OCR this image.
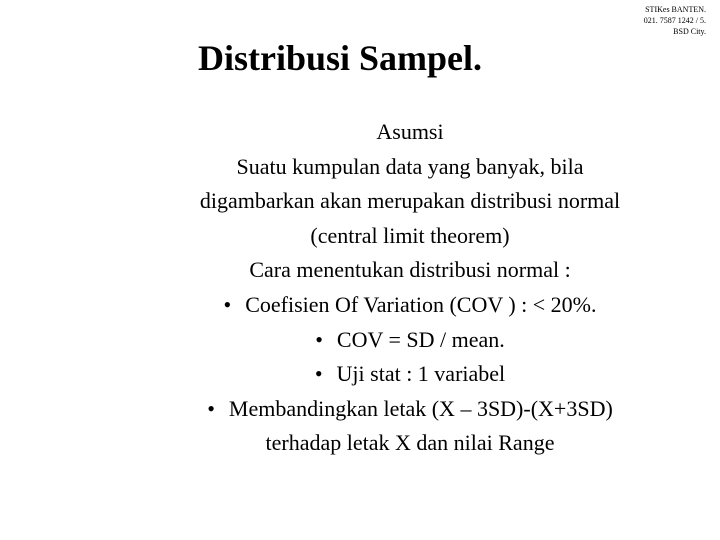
STIKes BANTEN.
021. 7587 1242 / 5.
BSD City.
Distribusi Sampel.
Asumsi
Suatu kumpulan data yang banyak, bila
digambarkan akan merupakan distribusi normal
(central limit theorem)
Cara menentukan distribusi normal :
• Coefisien Of Variation (COV ) : < 20%.
• COV = SD / mean.
• Uji stat : 1 variabel
• Membandingkan letak (X – 3SD)-(X+3SD)
terhadap letak X dan nilai Range
